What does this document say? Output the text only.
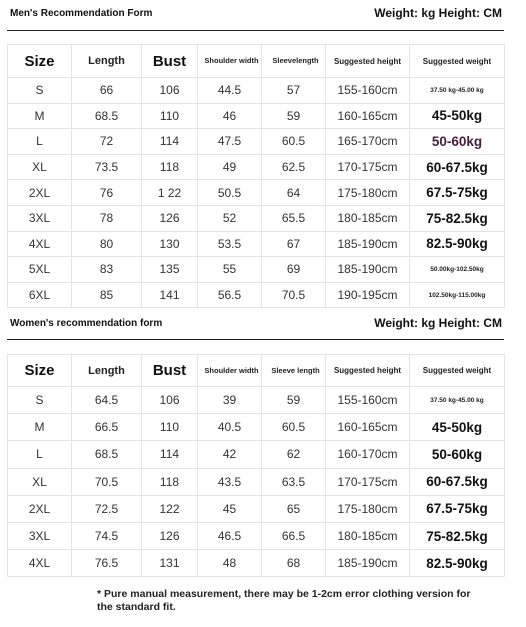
Men's Recommendation Form	Weight: kg Height: CM
Size	Length	Bust	Shoulder width	Sleevelength	Suggested height	Suggested weight
S	66	106	44.5	57	155-160cm	37.50 kg-45.00 kg
M	68.5	110	46	59	160-165cm	45-50kg
L	72	114	47.5	60.5	165-170cm	50-60kg
XL	73.5	118	49	62.5	170-175cm	60-67.5kg
2XL	76	1 22	50.5	64	175-180cm	67.5-75kg
3XL	78	126	52	65.5	180-185cm	75-82.5kg
4XL	80	130	53.5	67	185-190cm	82.5-90kg
5XL	83	135	55	69	185-190cm	50.00kg-102.50kg
6XL	85	141	56.5	70.5	190-195cm	102.50kg-115.00kg
Women's recommendation form	Weight: kg Height: CM
Size	Length	Bust	Shoulder width	Sleeve length	Suggested height	Suggested weight
S	64.5	106	39	59	155-160cm	37.50 kg-45.00 kg
M	66.5	110	40.5	60.5	160-165cm	45-50kg
L	68.5	114	42	62	160-170cm	50-60kg
XL	70.5	118	43.5	63.5	170-175cm	60-67.5kg
2XL	72.5	122	45	65	175-180cm	67.5-75kg
3XL	74.5	126	46.5	66.5	180-185cm	75-82.5kg
4XL	76.5	131	48	68	185-190cm	82.5-90kg
* Pure manual measurement, there may be 1-2cm error clothing version for the standard fit.
